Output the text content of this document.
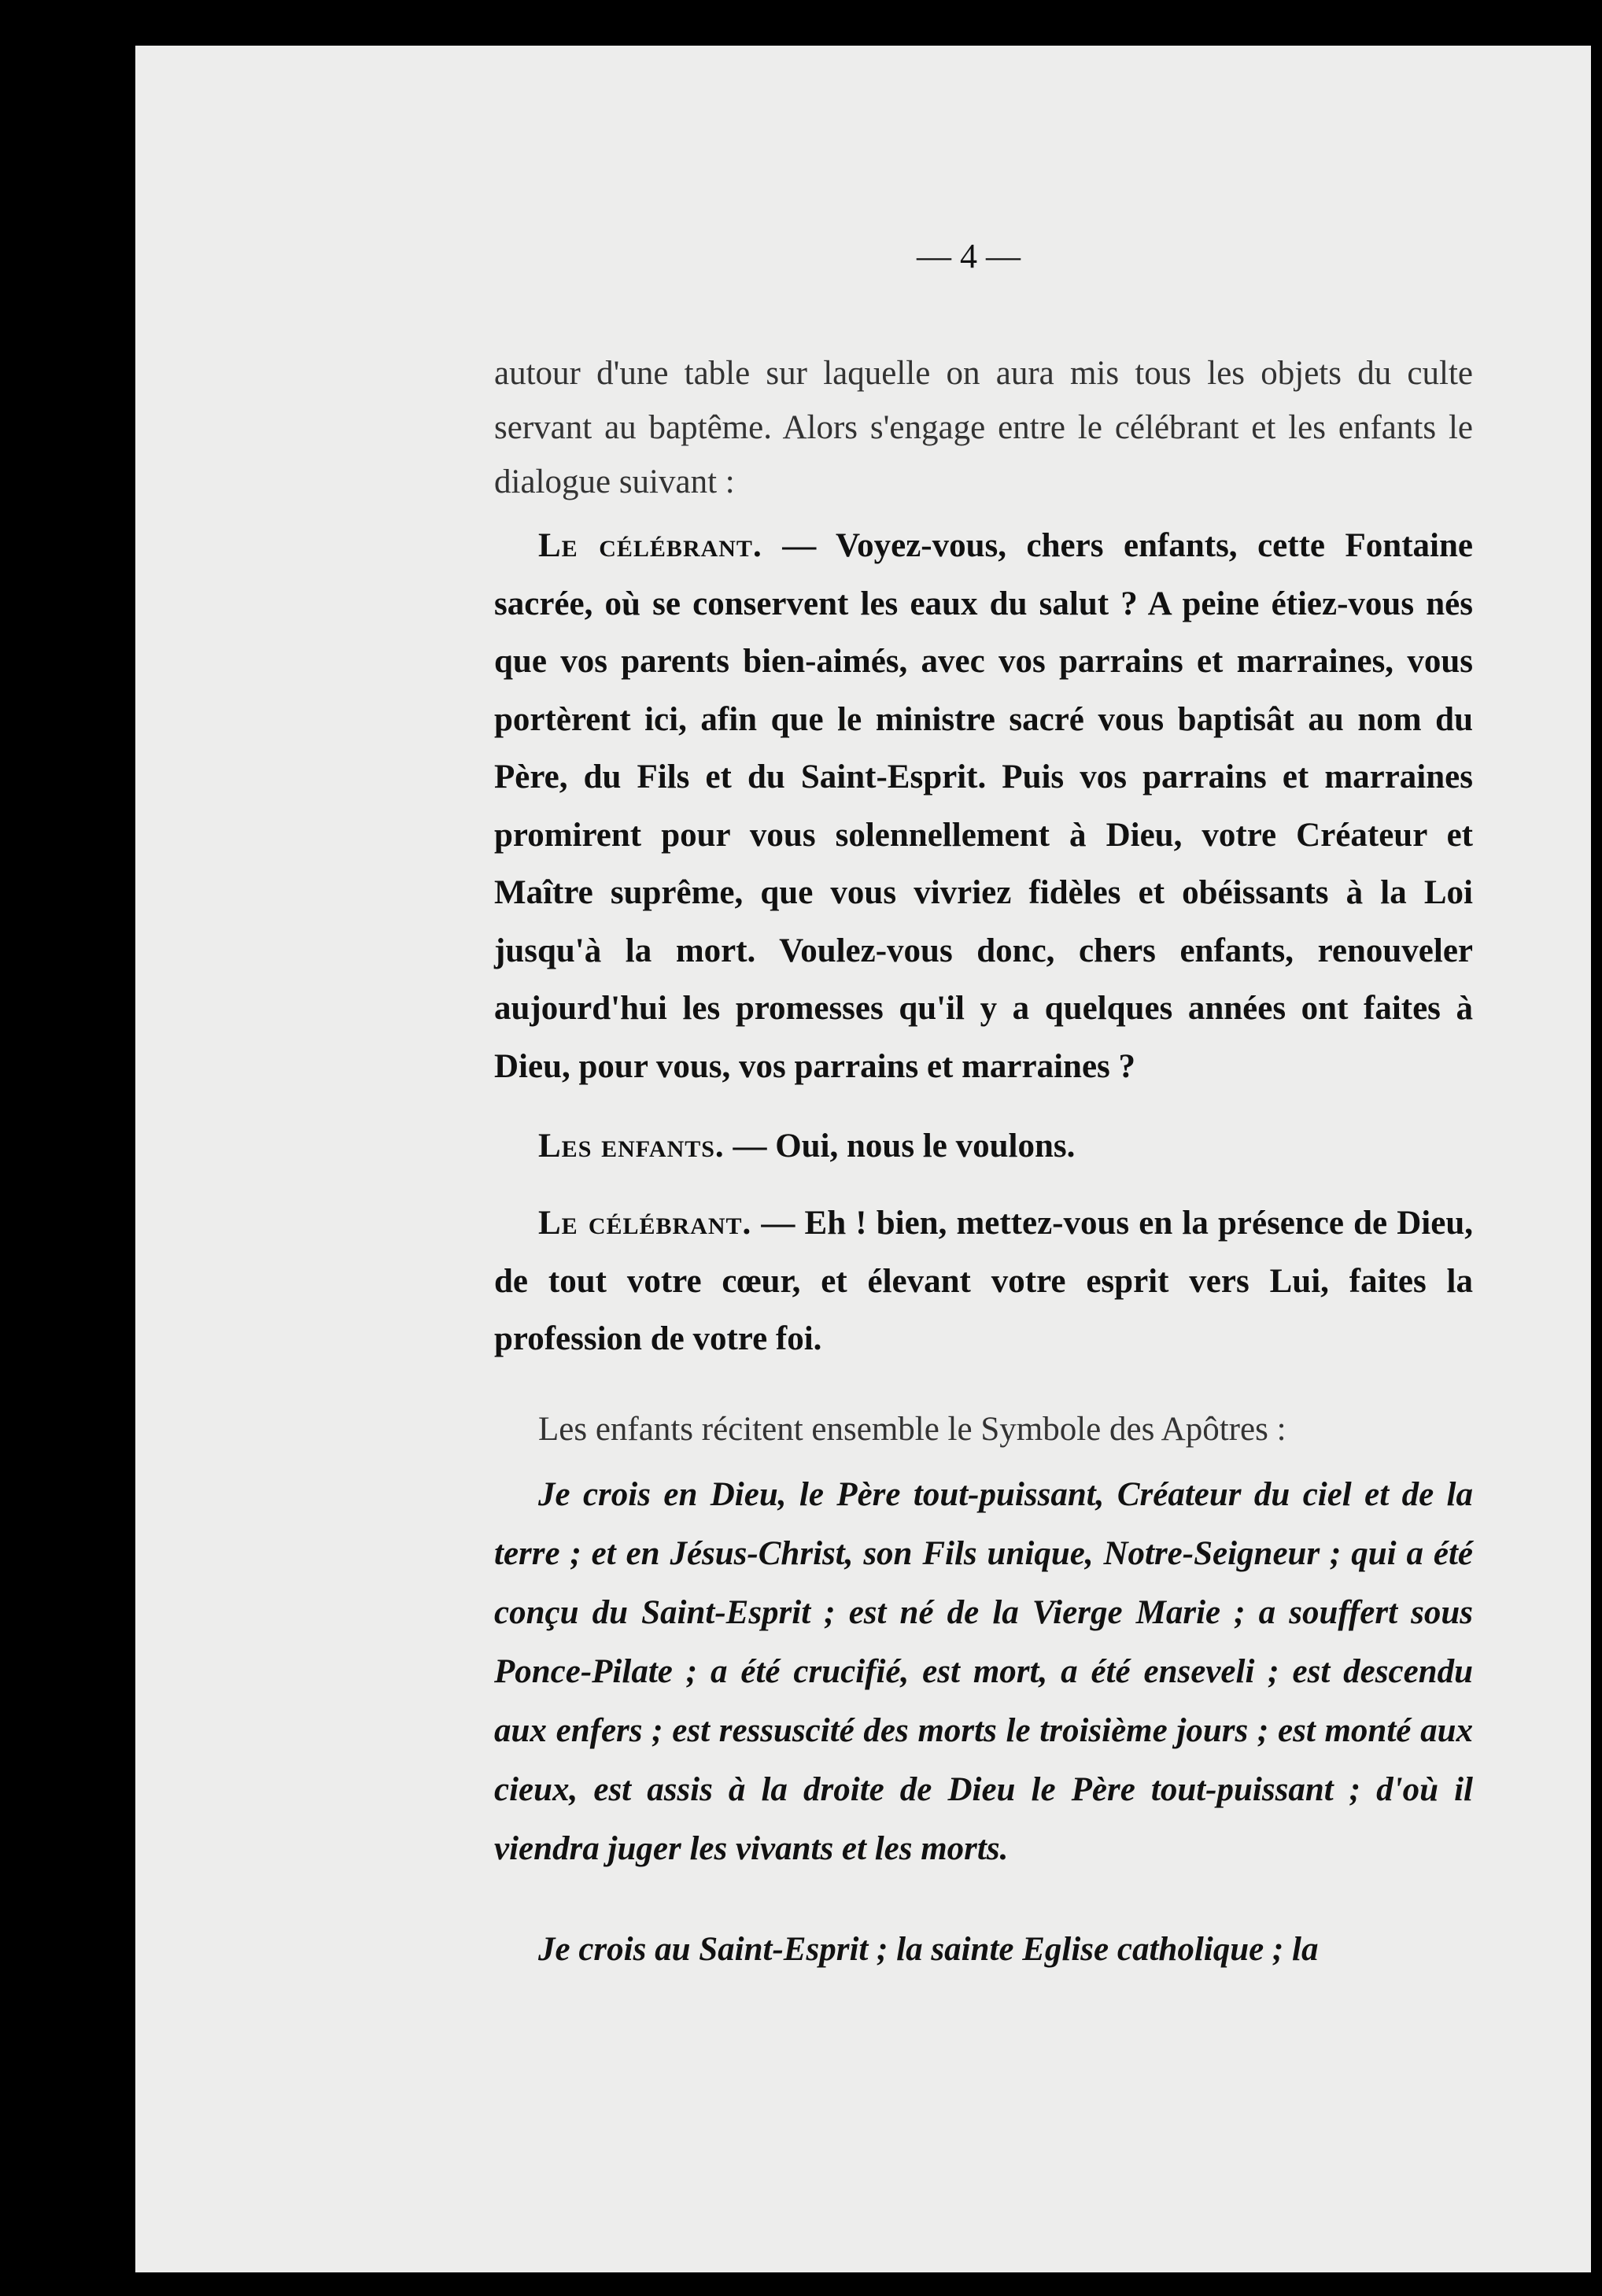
— 4 —

autour d'une table sur laquelle on aura mis tous les objets du culte servant au baptême. Alors s'engage entre le célébrant et les enfants le dialogue suivant :

Le célébrant. — Voyez-vous, chers enfants, cette Fontaine sacrée, où se conservent les eaux du salut ? A peine étiez-vous nés que vos parents bien-aimés, avec vos parrains et marraines, vous portèrent ici, afin que le ministre sacré vous baptisât au nom du Père, du Fils et du Saint-Esprit. Puis vos parrains et marraines promirent pour vous solennellement à Dieu, votre Créateur et Maître suprême, que vous vivriez fidèles et obéissants à la Loi jusqu'à la mort. Voulez-vous donc, chers enfants, renouveler aujourd'hui les promesses qu'il y a quelques années ont faites à Dieu, pour vous, vos parrains et marraines ?

Les enfants. — Oui, nous le voulons.

Le célébrant. — Eh ! bien, mettez-vous en la présence de Dieu, de tout votre cœur, et élevant votre esprit vers Lui, faites la profession de votre foi.

Les enfants récitent ensemble le Symbole des Apôtres :

Je crois en Dieu, le Père tout-puissant, Créateur du ciel et de la terre ; et en Jésus-Christ, son Fils unique, Notre-Seigneur ; qui a été conçu du Saint-Esprit ; est né de la Vierge Marie ; a souffert sous Ponce-Pilate ; a été crucifié, est mort, a été enseveli ; est descendu aux enfers ; est ressuscité des morts le troisième jours ; est monté aux cieux, est assis à la droite de Dieu le Père tout-puissant ; d'où il viendra juger les vivants et les morts.

Je crois au Saint-Esprit ; la sainte Eglise catholique ; la
